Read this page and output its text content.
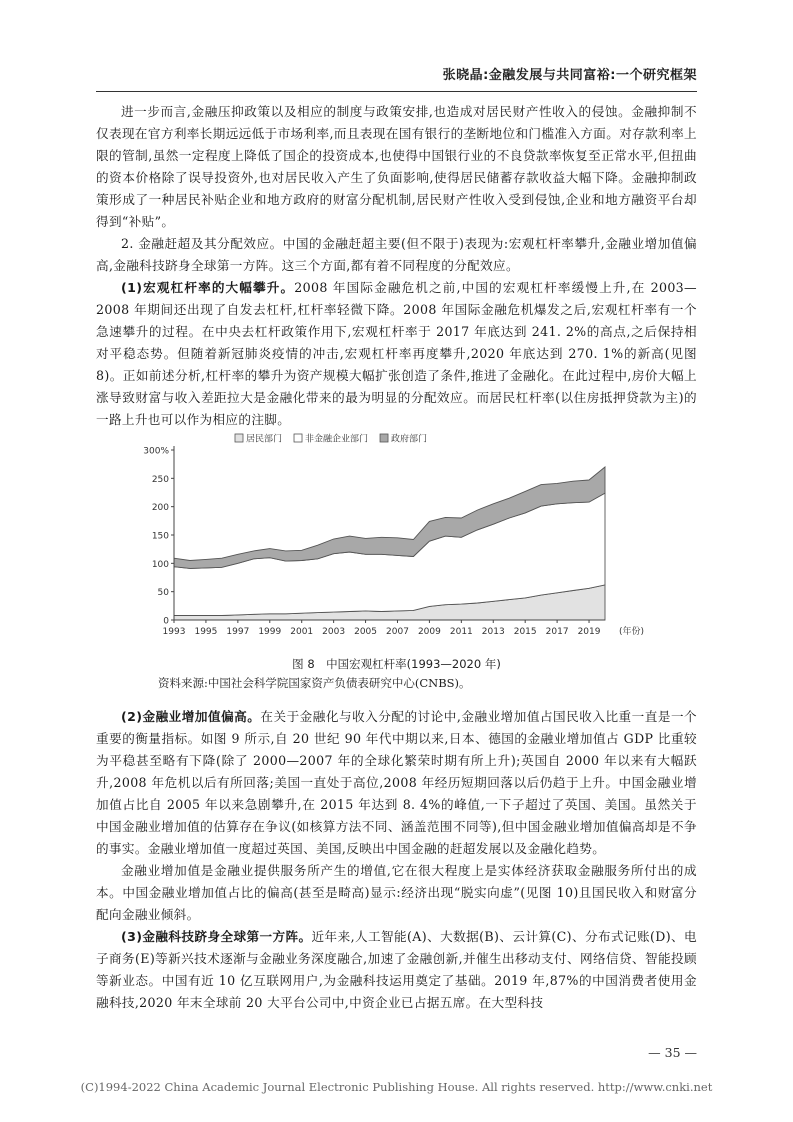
张晓晶:金融发展与共同富裕:一个研究框架

进一步而言,金融压抑政策以及相应的制度与政策安排,也造成对居民财产性收入的侵蚀。金融抑制不仅表现在官方利率长期远远低于市场利率,而且表现在国有银行的垄断地位和门槛准入方面。对存款利率上限的管制,虽然一定程度上降低了国企的投资成本,也使得中国银行业的不良贷款率恢复至正常水平,但扭曲的资本价格除了误导投资外,也对居民收入产生了负面影响,使得居民储蓄存款收益大幅下降。金融抑制政策形成了一种居民补贴企业和地方政府的财富分配机制,居民财产性收入受到侵蚀,企业和地方融资平台却得到“补贴”。

2. 金融赶超及其分配效应。中国的金融赶超主要(但不限于)表现为:宏观杠杆率攀升,金融业增加值偏高,金融科技跻身全球第一方阵。这三个方面,都有着不同程度的分配效应。

(1)宏观杠杆率的大幅攀升。2008 年国际金融危机之前,中国的宏观杠杆率缓慢上升,在 2003—2008 年期间还出现了自发去杠杆,杠杆率轻微下降。2008 年国际金融危机爆发之后,宏观杠杆率有一个急速攀升的过程。在中央去杠杆政策作用下,宏观杠杆率于 2017 年底达到 241. 2%的高点,之后保持相对平稳态势。但随着新冠肺炎疫情的冲击,宏观杠杆率再度攀升,2020 年底达到 270. 1%的新高(见图 8)。正如前述分析,杠杆率的攀升为资产规模大幅扩张创造了条件,推进了金融化。在此过程中,房价大幅上涨导致财富与收入差距拉大是金融化带来的最为明显的分配效应。而居民杠杆率(以住房抵押贷款为主)的一路上升也可以作为相应的注脚。

居民部门	非金融企业部门	政府部门
0
50
100
150
200
250
300%
1993 1995 1997 1999 2001 2003 2005 2007 2009 2011 2013 2015 2017 2019 (年份)
图 8　中国宏观杠杆率(1993—2020 年)
资料来源:中国社会科学院国家资产负债表研究中心(CNBS)。

(2)金融业增加值偏高。在关于金融化与收入分配的讨论中,金融业增加值占国民收入比重一直是一个重要的衡量指标。如图 9 所示,自 20 世纪 90 年代中期以来,日本、德国的金融业增加值占 GDP 比重较为平稳甚至略有下降(除了 2000—2007 年的全球化繁荣时期有所上升);英国自 2000 年以来有大幅跃升,2008 年危机以后有所回落;美国一直处于高位,2008 年经历短期回落以后仍趋于上升。中国金融业增加值占比自 2005 年以来急剧攀升,在 2015 年达到 8. 4%的峰值,一下子超过了英国、美国。虽然关于中国金融业增加值的估算存在争议(如核算方法不同、涵盖范围不同等),但中国金融业增加值偏高却是不争的事实。金融业增加值一度超过英国、美国,反映出中国金融的赶超发展以及金融化趋势。

金融业增加值是金融业提供服务所产生的增值,它在很大程度上是实体经济获取金融服务所付出的成本。中国金融业增加值占比的偏高(甚至是畸高)显示:经济出现“脱实向虚”(见图 10)且国民收入和财富分配向金融业倾斜。

(3)金融科技跻身全球第一方阵。近年来,人工智能(A)、大数据(B)、云计算(C)、分布式记账(D)、电子商务(E)等新兴技术逐渐与金融业务深度融合,加速了金融创新,并催生出移动支付、网络信贷、智能投顾等新业态。中国有近 10 亿互联网用户,为金融科技运用奠定了基础。2019 年,87%的中国消费者使用金融科技,2020 年末全球前 20 大平台公司中,中资企业已占据五席。在大型科技

— 35 —
(C)1994-2022 China Academic Journal Electronic Publishing House. All rights reserved. http://www.cnki.net
